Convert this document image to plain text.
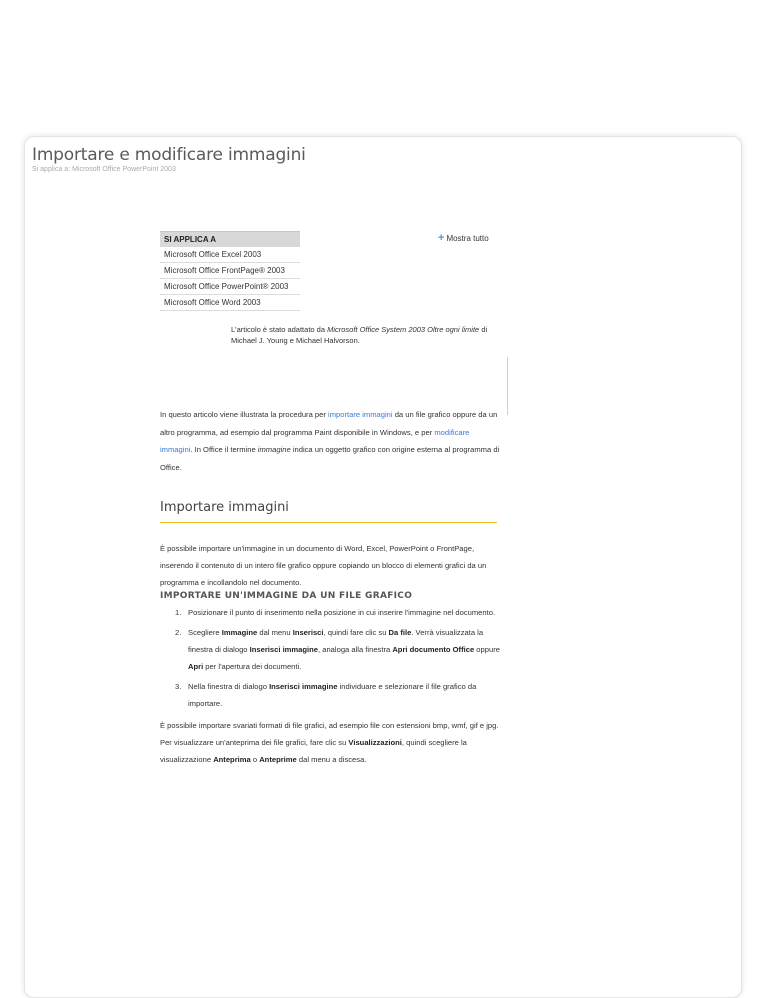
Importare e modificare immagini
Si applica a: Microsoft Office PowerPoint 2003
SI APPLICA A
Microsoft Office Excel 2003
Microsoft Office FrontPage® 2003
Microsoft Office PowerPoint® 2003
Microsoft Office Word 2003
+ Mostra tutto
L'articolo è stato adattato da Microsoft Office System 2003 Oltre ogni limite di Michael J. Young e Michael Halvorson.
In questo articolo viene illustrata la procedura per importare immagini da un file grafico oppure da un altro programma, ad esempio dal programma Paint disponibile in Windows, e per modificare immagini. In Office il termine immagine indica un oggetto grafico con origine esterna al programma di Office.
Importare immagini
È possibile importare un'immagine in un documento di Word, Excel, PowerPoint o FrontPage, inserendo il contenuto di un intero file grafico oppure copiando un blocco di elementi grafici da un programma e incollandolo nel documento.
IMPORTARE UN'IMMAGINE DA UN FILE GRAFICO
1. Posizionare il punto di inserimento nella posizione in cui inserire l'immagine nel documento.
2. Scegliere Immagine dal menu Inserisci, quindi fare clic su Da file. Verrà visualizzata la finestra di dialogo Inserisci immagine, analoga alla finestra Apri documento Office oppure Apri per l'apertura dei documenti.
3. Nella finestra di dialogo Inserisci immagine individuare e selezionare il file grafico da importare.
È possibile importare svariati formati di file grafici, ad esempio file con estensioni bmp, wmf, gif e jpg. Per visualizzare un'anteprima dei file grafici, fare clic su Visualizzazioni, quindi scegliere la visualizzazione Anteprima o Anteprime dal menu a discesa.
